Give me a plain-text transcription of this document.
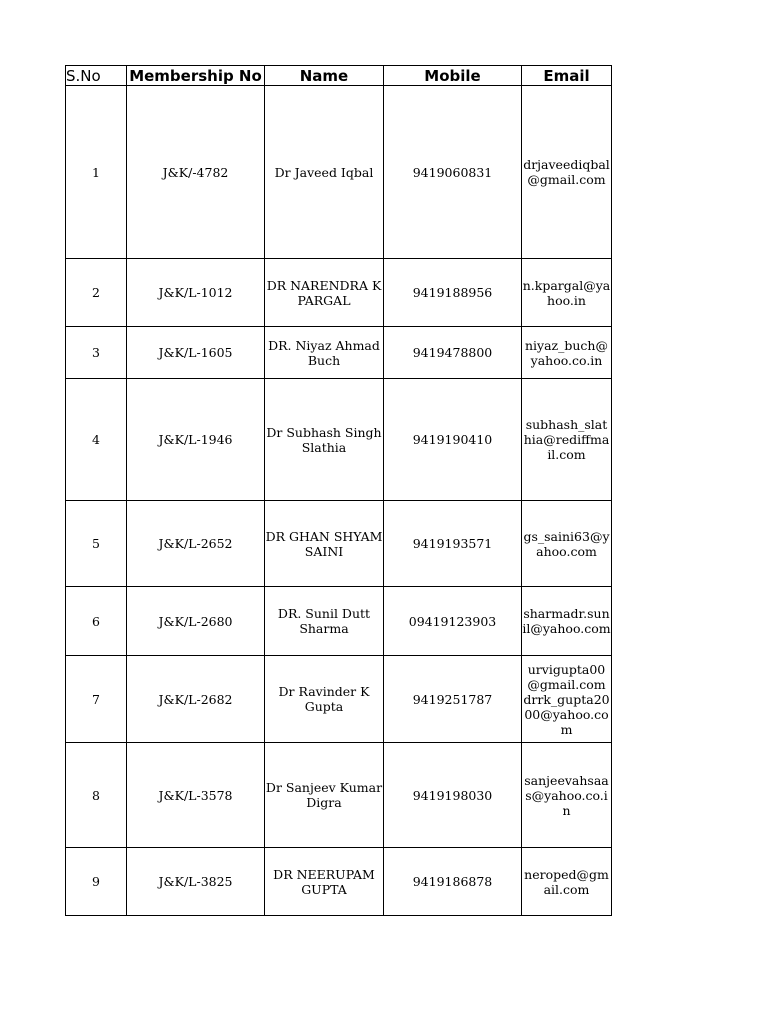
S.No	Membership No	Name	Mobile	Email
1	J&K/-4782	Dr Javeed Iqbal	9419060831	drjaveediqbal@gmail.com
2	J&K/L-1012	DR NARENDRA K PARGAL	9419188956	n.kpargal@yahoo.in
3	J&K/L-1605	DR. Niyaz Ahmad Buch	9419478800	niyaz_buch@yahoo.co.in
4	J&K/L-1946	Dr Subhash Singh Slathia	9419190410	subhash_slathia@rediffmail.com
5	J&K/L-2652	DR GHAN SHYAM SAINI	9419193571	gs_saini63@yahoo.com
6	J&K/L-2680	DR. Sunil Dutt Sharma	09419123903	sharmadr.sunil@yahoo.com
7	J&K/L-2682	Dr Ravinder K Gupta	9419251787	urvigupta00@gmail.com drrk_gupta2000@yahoo.com
8	J&K/L-3578	Dr Sanjeev Kumar Digra	9419198030	sanjeevahsaas@yahoo.co.in
9	J&K/L-3825	DR NEERUPAM GUPTA	9419186878	neroped@gmail.com
